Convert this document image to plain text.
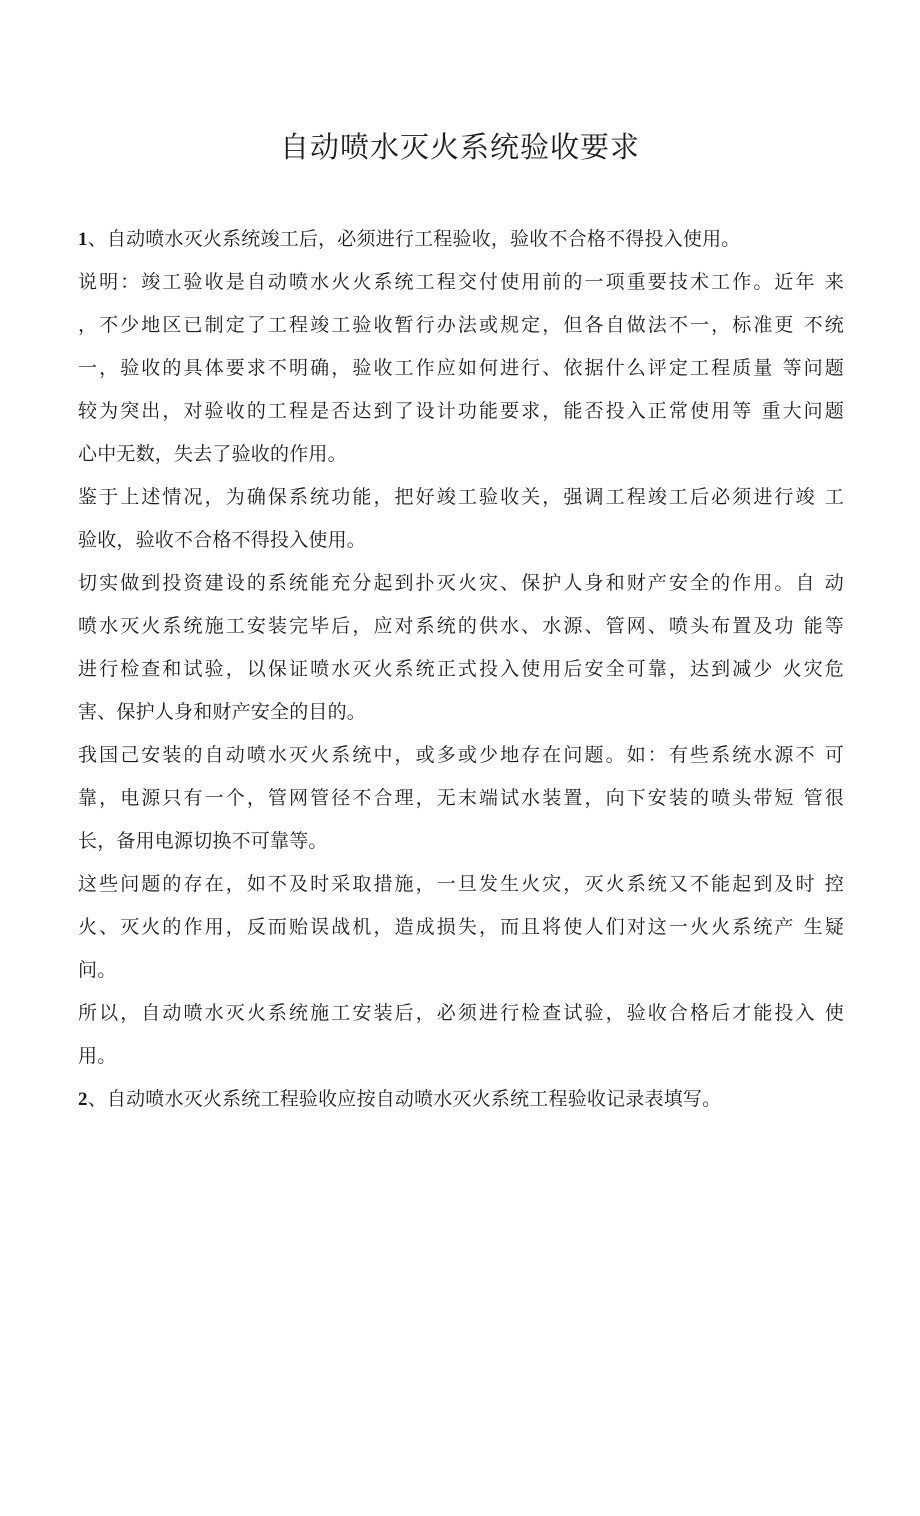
自动喷水灭火系统验收要求
1、自动喷水灭火系统竣工后，必须进行工程验收，验收不合格不得投入使用。
说明：竣工验收是自动喷水火火系统工程交付使用前的一项重要技术工作。近年 来
，不少地区已制定了工程竣工验收暂行办法或规定，但各自做法不一，标准更 不统
一，验收的具体要求不明确，验收工作应如何进行、依据什么评定工程质量 等问题
较为突出，对验收的工程是否达到了设计功能要求，能否投入正常使用等 重大问题
心中无数，失去了验收的作用。
鉴于上述情况，为确保系统功能，把好竣工验收关，强调工程竣工后必须进行竣 工
验收，验收不合格不得投入使用。
切实做到投资建设的系统能充分起到扑灭火灾、保护人身和财产安全的作用。自 动
喷水灭火系统施工安装完毕后，应对系统的供水、水源、管网、喷头布置及功 能等
进行检查和试验，以保证喷水灭火系统正式投入使用后安全可靠，达到减少 火灾危
害、保护人身和财产安全的目的。
我国己安装的自动喷水灭火系统中，或多或少地存在问题。如：有些系统水源不 可
靠，电源只有一个，管网管径不合理，无末端试水装置，向下安装的喷头带短 管很
长，备用电源切换不可靠等。
这些问题的存在，如不及时采取措施，一旦发生火灾，灭火系统又不能起到及时 控
火、灭火的作用，反而贻误战机，造成损失，而且将使人们对这一火火系统产 生疑
问。
所以，自动喷水灭火系统施工安装后，必须进行检查试验，验收合格后才能投入 使
用。
2、自动喷水灭火系统工程验收应按自动喷水灭火系统工程验收记录表填写。
